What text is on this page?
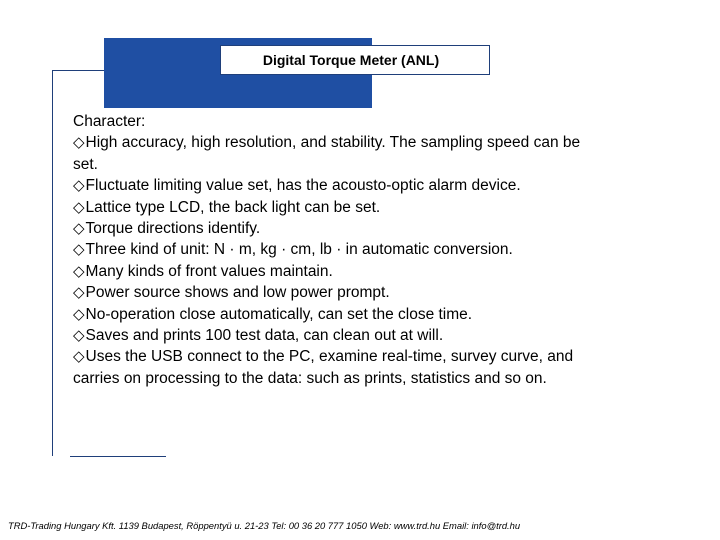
Digital Torque Meter (ANL)
Character:
◇High accuracy, high resolution, and stability. The sampling speed can be set.
◇Fluctuate limiting value set, has the acousto-optic alarm device.
◇Lattice type LCD, the back light can be set.
◇Torque directions identify.
◇Three kind of unit: N · m, kg · cm, lb · in automatic conversion.
◇Many kinds of front values maintain.
◇Power source shows and low power prompt.
◇No-operation close automatically, can set the close time.
◇Saves and prints 100 test data, can clean out at will.
◇Uses the USB connect to the PC, examine real-time, survey curve, and carries on processing to the data: such as prints, statistics and so on.
TRD-Trading Hungary Kft. 1139 Budapest, Röppentyü u. 21-23 Tel: 00 36 20 777 1050 Web: www.trd.hu Email: info@trd.hu
